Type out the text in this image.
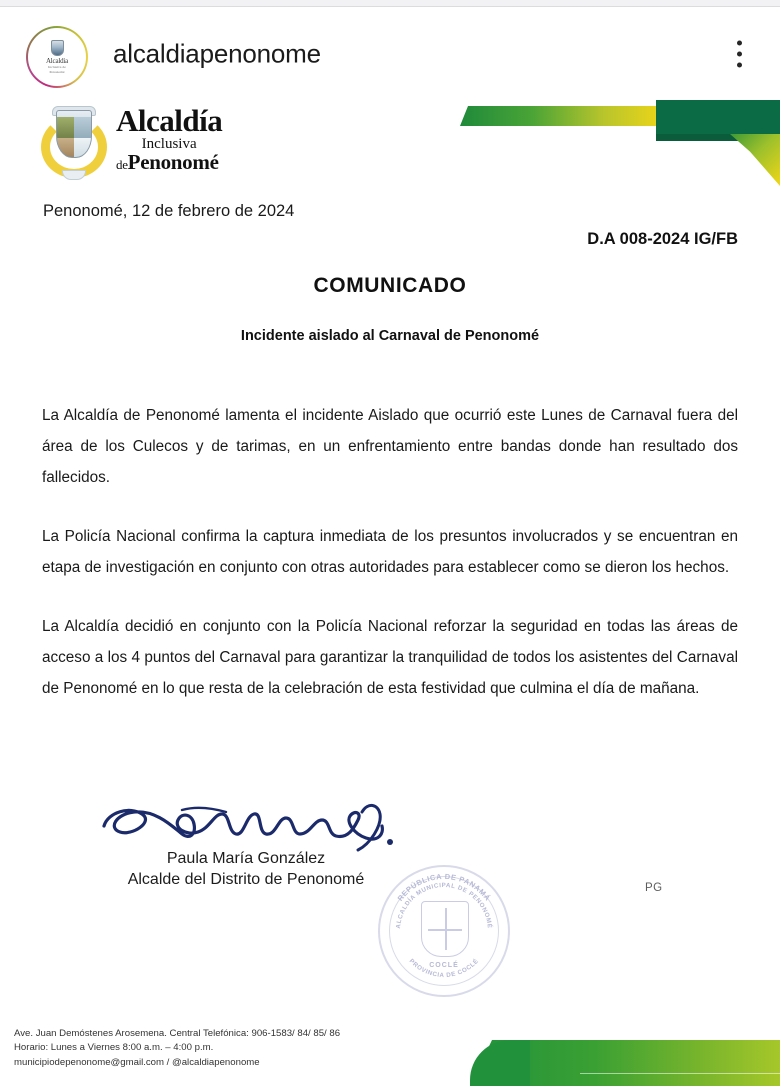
Alcaldia
Inclusiva de
Penonomé
alcaldiapenonome
Alcaldía
Inclusiva
dePenonomé
Penonomé, 12 de febrero de 2024
D.A 008-2024 IG/FB
COMUNICADO
Incidente aislado al Carnaval de Penonomé

La Alcaldía de Penonomé lamenta el incidente Aislado que ocurrió este Lunes de Carnaval fuera del área de los Culecos y de tarimas, en un enfrentamiento entre bandas donde han resultado dos fallecidos.

La Policía Nacional confirma la captura inmediata de los presuntos involucrados y se encuentran en etapa de investigación en conjunto con otras autoridades para establecer como se dieron los hechos.

La Alcaldía decidió en conjunto con la Policía Nacional reforzar la seguridad en todas las áreas de acceso a los 4 puntos del Carnaval para garantizar la tranquilidad de todos los asistentes del Carnaval de Penonomé en lo que resta de la celebración de esta festividad que culmina el día de mañana.

Paula María González
Alcalde del Distrito de Penonomé
REPÚBLICA DE PANAMÁ
ALCALDÍA MUNICIPAL DE PENONOMÉ
PROVINCIA DE COCLÉ
COCLÉ
PG
Ave. Juan Demóstenes Arosemena. Central Telefónica: 906-1583/ 84/ 85/ 86
Horario: Lunes a Viernes 8:00 a.m. – 4:00 p.m.
municipiodepenonome@gmail.com / @alcaldiapenonome
